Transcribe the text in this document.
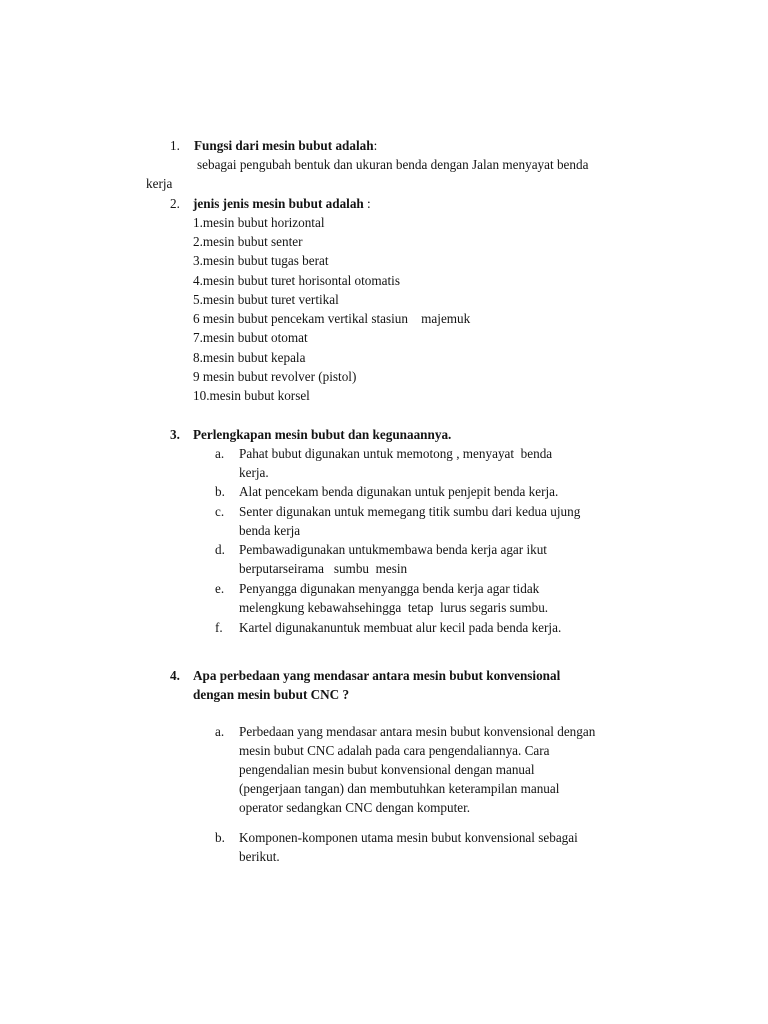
1. Fungsi dari mesin bubut adalah:
sebagai pengubah bentuk dan ukuran benda dengan Jalan menyayat benda
kerja
2. jenis jenis mesin bubut adalah :
1.mesin bubut horizontal
2.mesin bubut senter
3.mesin bubut tugas berat
4.mesin bubut turet horisontal otomatis
5.mesin bubut turet vertikal
6 mesin bubut pencekam vertikal stasiun    majemuk
7.mesin bubut otomat
8.mesin bubut kepala
9 mesin bubut revolver (pistol)
10.mesin bubut korsel
3. Perlengkapan mesin bubut dan kegunaannya.
a. Pahat bubut digunakan untuk memotong , menyayat  benda
kerja.
b. Alat pencekam benda digunakan untuk penjepit benda kerja.
c. Senter digunakan untuk memegang titik sumbu dari kedua ujung
benda kerja
d. Pembawadigunakan untukmembawa benda kerja agar ikut
berputarseirama   sumbu  mesin
e. Penyangga digunakan menyangga benda kerja agar tidak
melengkung kebawahsehingga  tetap  lurus segaris sumbu.
f. Kartel digunakanuntuk membuat alur kecil pada benda kerja.
4. Apa perbedaan yang mendasar antara mesin bubut konvensional
dengan mesin bubut CNC ?
a. Perbedaan yang mendasar antara mesin bubut konvensional dengan
mesin bubut CNC adalah pada cara pengendaliannya. Cara
pengendalian mesin bubut konvensional dengan manual
(pengerjaan tangan) dan membutuhkan keterampilan manual
operator sedangkan CNC dengan komputer.
b. Komponen-komponen utama mesin bubut konvensional sebagai
berikut.
